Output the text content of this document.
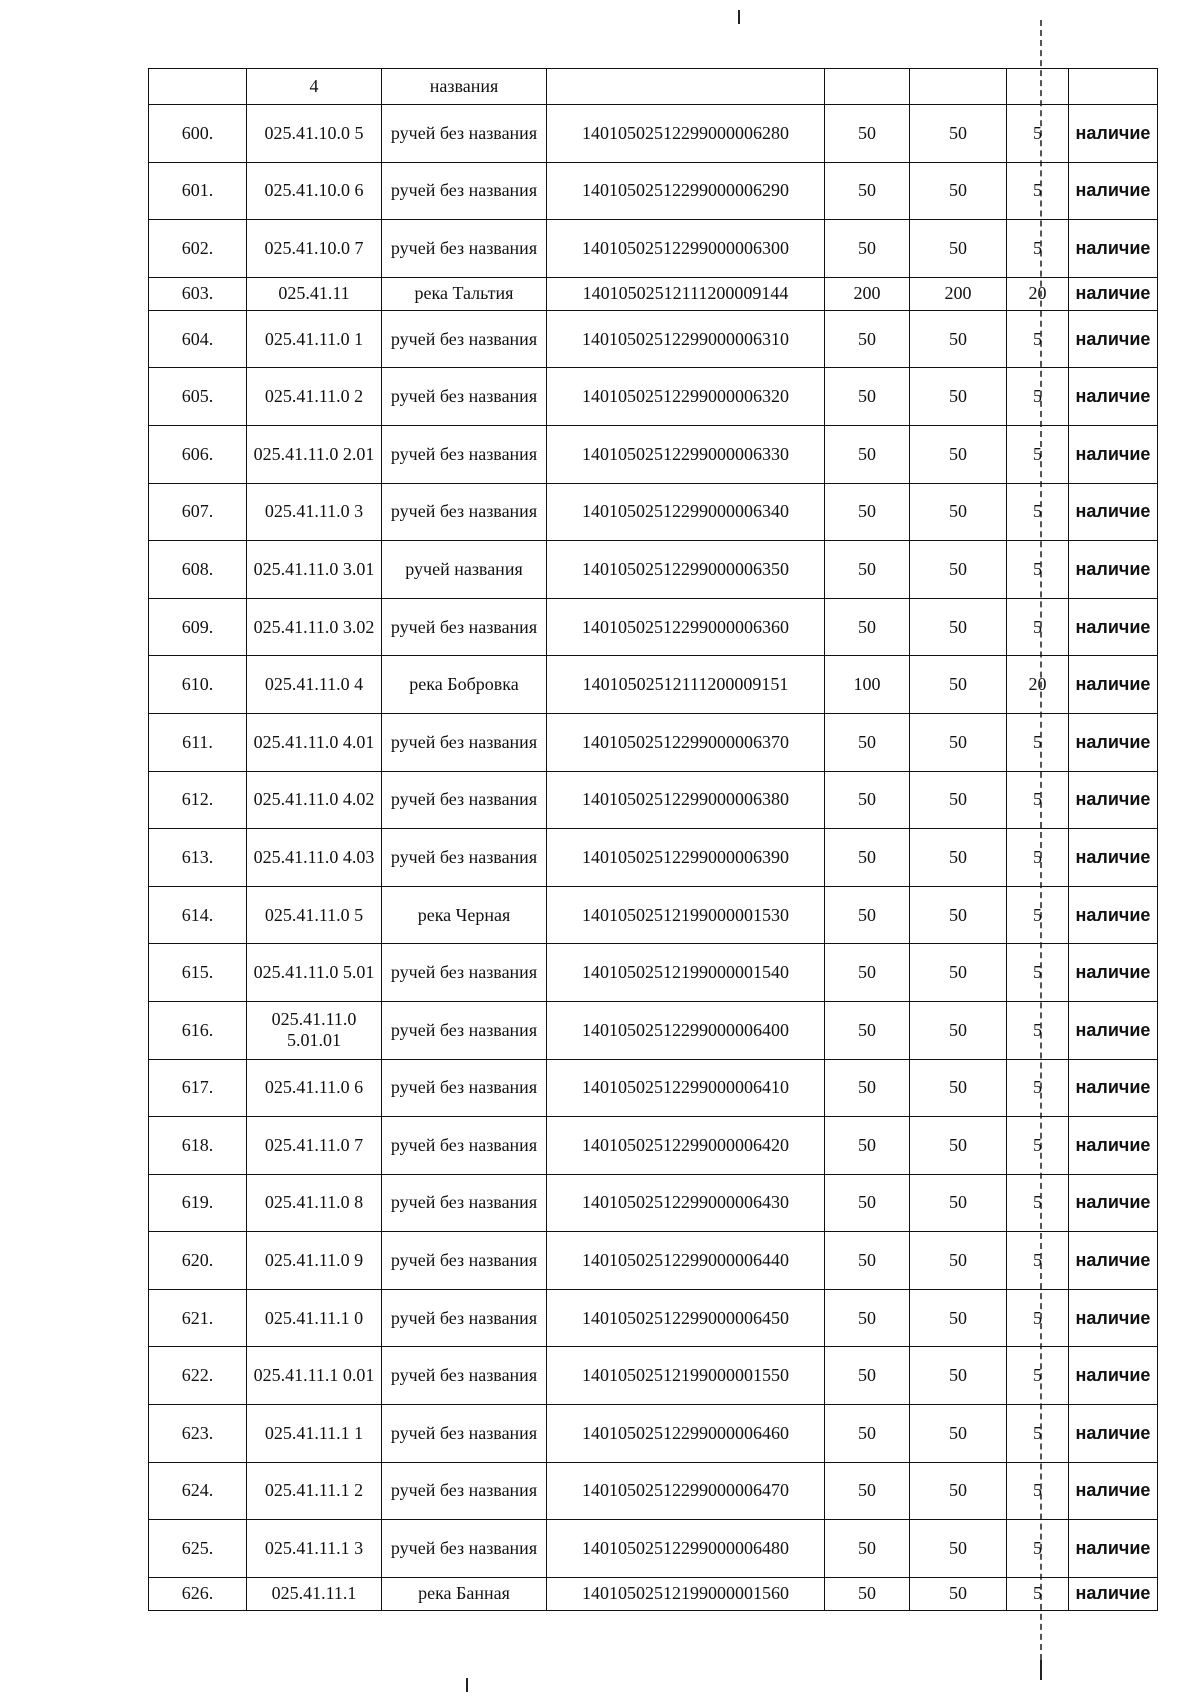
	4	названия					
600.	025.41.10.0 5	ручей без названия	14010502512299000006280	50	50	5	наличие
601.	025.41.10.0 6	ручей без названия	14010502512299000006290	50	50	5	наличие
602.	025.41.10.0 7	ручей без названия	14010502512299000006300	50	50	5	наличие
603.	025.41.11	река Тальтия	14010502512111200009144	200	200	20	наличие
604.	025.41.11.0 1	ручей без названия	14010502512299000006310	50	50	5	наличие
605.	025.41.11.0 2	ручей без названия	14010502512299000006320	50	50	5	наличие
606.	025.41.11.0 2.01	ручей без названия	14010502512299000006330	50	50	5	наличие
607.	025.41.11.0 3	ручей без названия	14010502512299000006340	50	50	5	наличие
608.	025.41.11.0 3.01	ручей названия	14010502512299000006350	50	50	5	наличие
609.	025.41.11.0 3.02	ручей без названия	14010502512299000006360	50	50	5	наличие
610.	025.41.11.0 4	река Бобровка	14010502512111200009151	100	50	20	наличие
611.	025.41.11.0 4.01	ручей без названия	14010502512299000006370	50	50	5	наличие
612.	025.41.11.0 4.02	ручей без названия	14010502512299000006380	50	50	5	наличие
613.	025.41.11.0 4.03	ручей без названия	14010502512299000006390	50	50	5	наличие
614.	025.41.11.0 5	река Черная	14010502512199000001530	50	50	5	наличие
615.	025.41.11.0 5.01	ручей без названия	14010502512199000001540	50	50	5	наличие
616.	025.41.11.0 5.01.01	ручей без названия	14010502512299000006400	50	50	5	наличие
617.	025.41.11.0 6	ручей без названия	14010502512299000006410	50	50	5	наличие
618.	025.41.11.0 7	ручей без названия	14010502512299000006420	50	50	5	наличие
619.	025.41.11.0 8	ручей без названия	14010502512299000006430	50	50	5	наличие
620.	025.41.11.0 9	ручей без названия	14010502512299000006440	50	50	5	наличие
621.	025.41.11.1 0	ручей без названия	14010502512299000006450	50	50	5	наличие
622.	025.41.11.1 0.01	ручей без названия	14010502512199000001550	50	50	5	наличие
623.	025.41.11.1 1	ручей без названия	14010502512299000006460	50	50	5	наличие
624.	025.41.11.1 2	ручей без названия	14010502512299000006470	50	50	5	наличие
625.	025.41.11.1 3	ручей без названия	14010502512299000006480	50	50	5	наличие
626.	025.41.11.1	река Банная	14010502512199000001560	50	50	5	наличие
